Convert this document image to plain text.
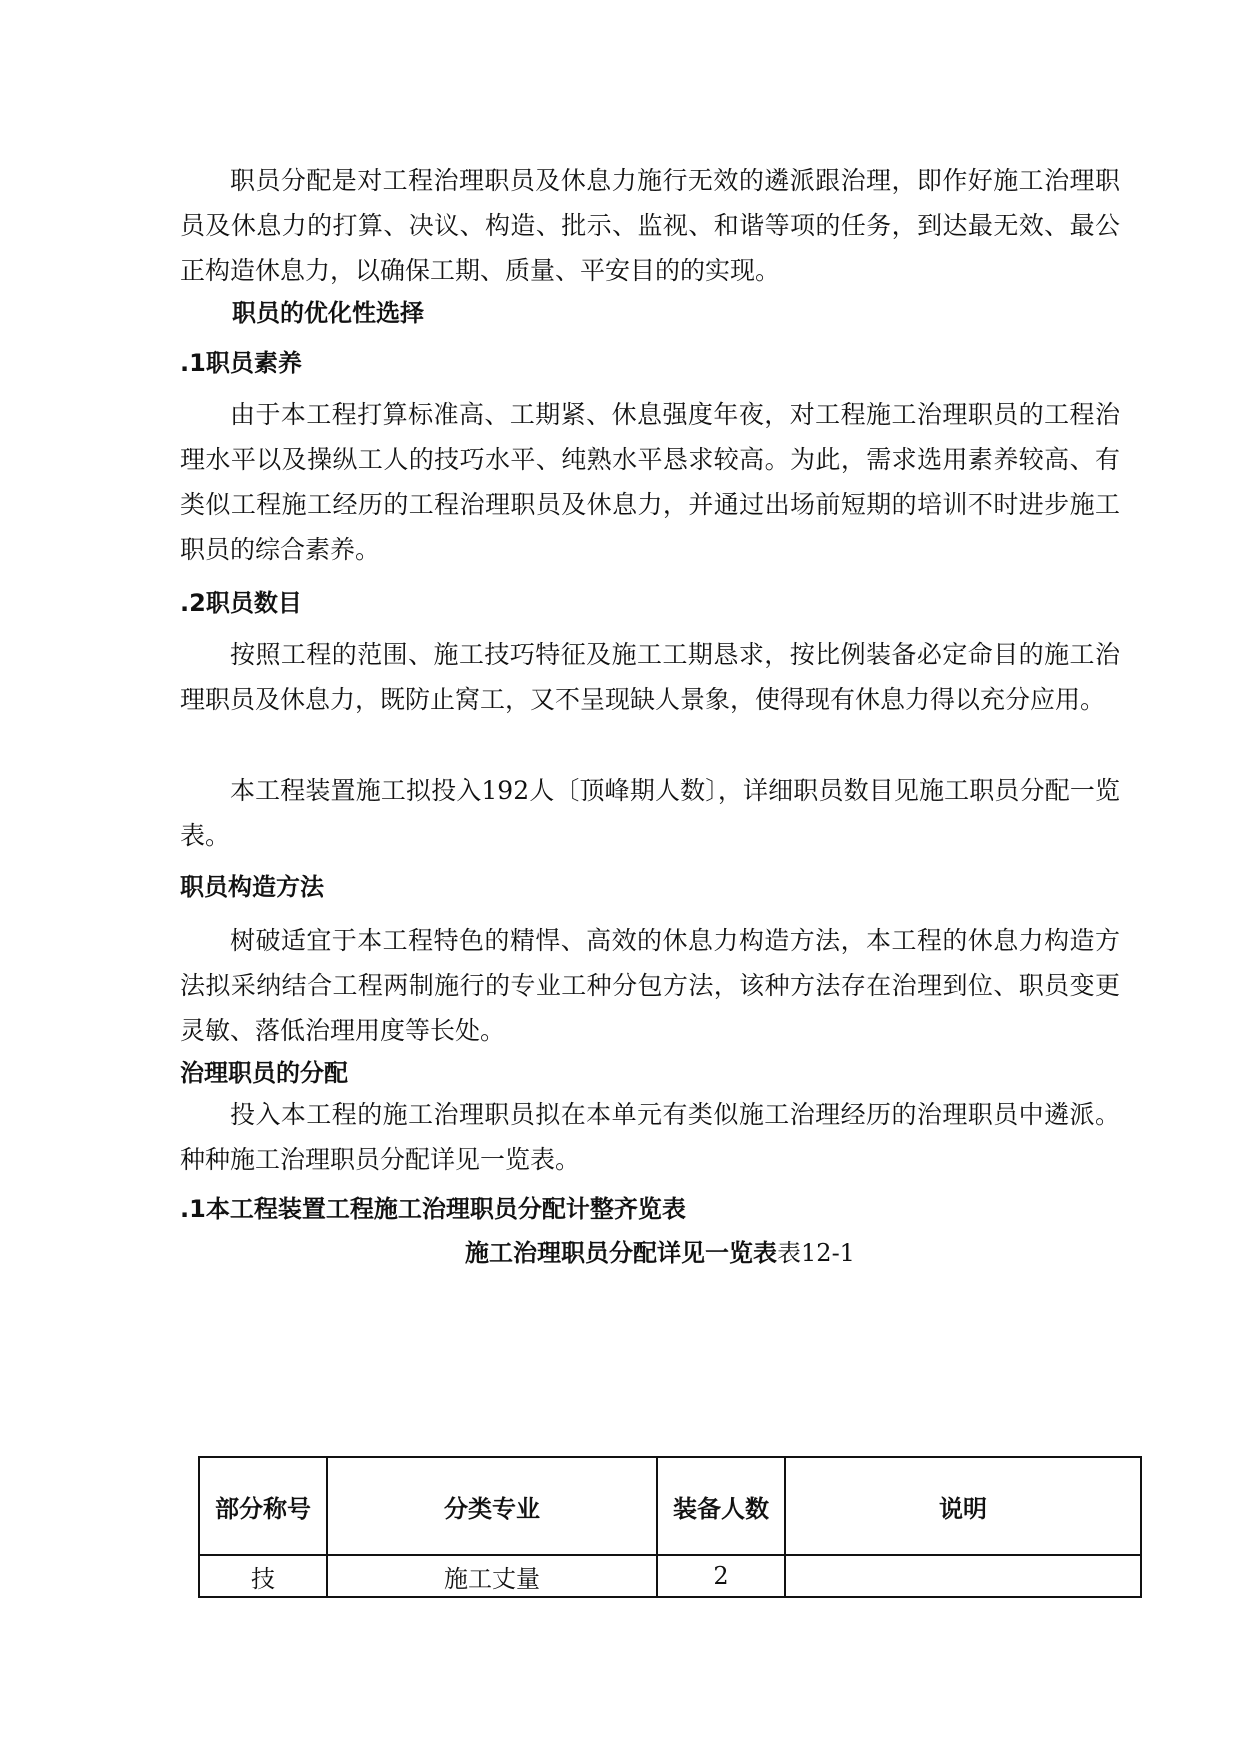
职员分配是对工程治理职员及休息力施行无效的遴派跟治理，即作好施工治理职员及休息力的打算、决议、构造、批示、监视、和谐等项的任务，到达最无效、最公正构造休息力，以确保工期、质量、平安目的的实现。

职员的优化性选择
.1职员素养

由于本工程打算标准高、工期紧、休息强度年夜，对工程施工治理职员的工程治理水平以及操纵工人的技巧水平、纯熟水平恳求较高。为此，需求选用素养较高、有类似工程施工经历的工程治理职员及休息力，并通过出场前短期的培训不时进步施工职员的综合素养。

.2职员数目

按照工程的范围、施工技巧特征及施工工期恳求，按比例装备必定命目的施工治理职员及休息力，既防止窝工，又不呈现缺人景象，使得现有休息力得以充分应用。

本工程装置施工拟投入192人〔顶峰期人数〕，详细职员数目见施工职员分配一览表。

职员构造方法

树破适宜于本工程特色的精悍、高效的休息力构造方法，本工程的休息力构造方法拟采纳结合工程两制施行的专业工种分包方法，该种方法存在治理到位、职员变更灵敏、落低治理用度等长处。

治理职员的分配

投入本工程的施工治理职员拟在本单元有类似施工治理经历的治理职员中遴派。种种施工治理职员分配详见一览表。

.1本工程装置工程施工治理职员分配计整齐览表
施工治理职员分配详见一览表表12-1
部分称号	分类专业	装备人数	说明
技	施工丈量	2	
